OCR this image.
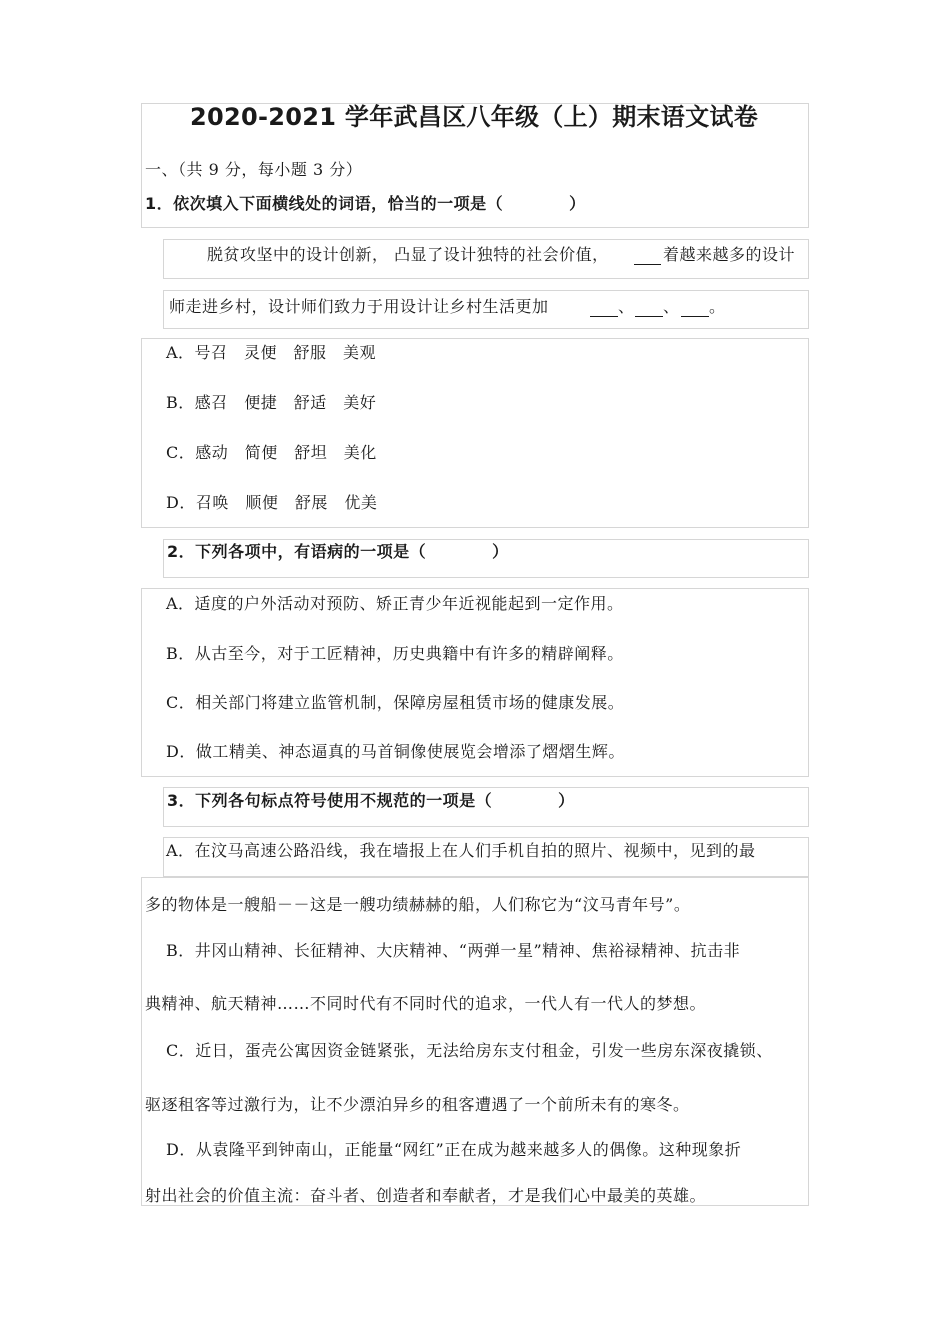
2020-2021 学年武昌区八年级（上）期末语文试卷
一、（共 9 分，每小题 3 分）
1．依次填入下面横线处的词语，恰当的一项是（　　　　）
脱贫攻坚中的设计创新， 凸显了设计独特的社会价值，	着越来越多的设计
师走进乡村，设计师们致力于用设计让乡村生活更加	、 、 。
A．号召　灵便　舒服　美观
B．感召　便捷　舒适　美好
C．感动　简便　舒坦　美化
D．召唤　顺便　舒展　优美
2．下列各项中，有语病的一项是（　　　　）
A．适度的户外活动对预防、矫正青少年近视能起到一定作用。
B．从古至今，对于工匠精神，历史典籍中有许多的精辟阐释。
C．相关部门将建立监管机制，保障房屋租赁市场的健康发展。
D．做工精美、神态逼真的马首铜像使展览会增添了熠熠生辉。
3．下列各句标点符号使用不规范的一项是（　　　　）
A．在汶马高速公路沿线，我在墙报上在人们手机自拍的照片、视频中，见到的最
多的物体是一艘船－－这是一艘功绩赫赫的船，人们称它为“汶马青年号”。
B．井冈山精神、长征精神、大庆精神、“两弹一星”精神、焦裕禄精神、抗击非
典精神、航天精神……不同时代有不同时代的追求，一代人有一代人的梦想。
C．近日，蛋壳公寓因资金链紧张，无法给房东支付租金，引发一些房东深夜撬锁、
驱逐租客等过激行为，让不少漂泊异乡的租客遭遇了一个前所未有的寒冬。
D．从袁隆平到钟南山，正能量“网红”正在成为越来越多人的偶像。这种现象折
射出社会的价值主流：奋斗者、创造者和奉献者，才是我们心中最美的英雄。
